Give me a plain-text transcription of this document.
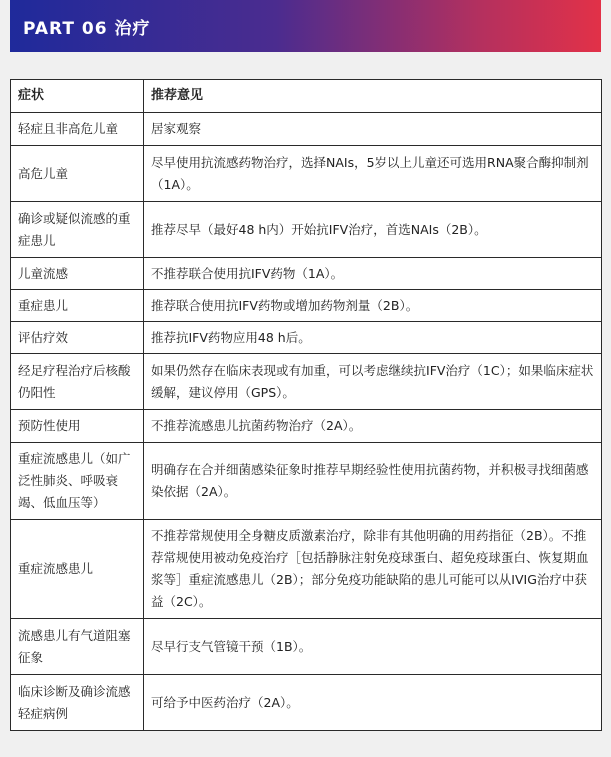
PART 06 治疗
症状	推荐意见
轻症且非高危儿童	居家观察
高危儿童	尽早使用抗流感药物治疗，选择NAIs，5岁以上儿童还可选用RNA聚合酶抑制剂（1A）。
确诊或疑似流感的重症患儿	推荐尽早（最好48 h内）开始抗IFV治疗，首选NAIs（2B）。
儿童流感	不推荐联合使用抗IFV药物（1A）。
重症患儿	推荐联合使用抗IFV药物或增加药物剂量（2B）。
评估疗效	推荐抗IFV药物应用48 h后。
经足疗程治疗后核酸仍阳性	如果仍然存在临床表现或有加重，可以考虑继续抗IFV治疗（1C）；如果临床症状缓解，建议停用（GPS）。
预防性使用	不推荐流感患儿抗菌药物治疗（2A）。
重症流感患儿（如广泛性肺炎、呼吸衰竭、低血压等）	明确存在合并细菌感染征象时推荐早期经验性使用抗菌药物，并积极寻找细菌感染依据（2A）。
重症流感患儿	不推荐常规使用全身糖皮质激素治疗，除非有其他明确的用药指征（2B）。不推荐常规使用被动免疫治疗［包括静脉注射免疫球蛋白、超免疫球蛋白、恢复期血浆等］重症流感患儿（2B）；部分免疫功能缺陷的患儿可能可以从IVIG治疗中获益（2C）。
流感患儿有气道阻塞征象	尽早行支气管镜干预（1B）。
临床诊断及确诊流感轻症病例	可给予中医药治疗（2A）。
